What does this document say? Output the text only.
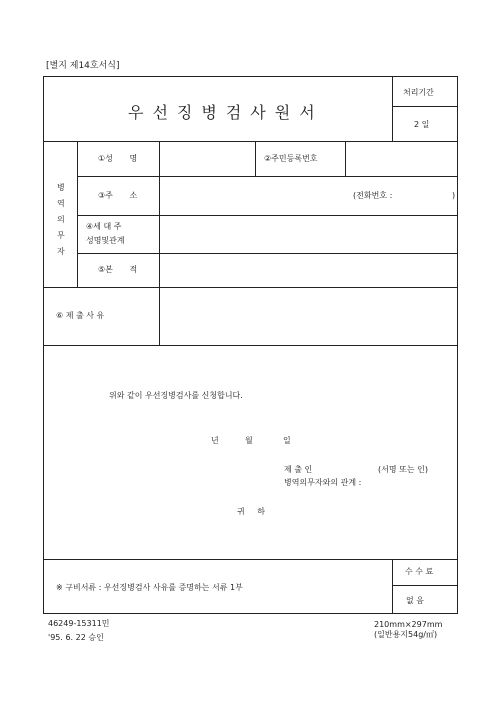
[별지 제14호서식]
우선징병검사원서
처리기간
2 일
병
역
의
무
자
①성 명	②주민등록번호
③주 소	(전화번호 :	)
④세 대 주
성명및관계
⑤본 적
⑥ 제 출 사 유
위와 같이 우선징병검사를 신청합니다.
년	월	일
제 출 인	(서명 또는 인)
병역의무자와의 관계 :
귀 하
※ 구비서류 : 우선징병검사 사유를 증명하는 서류 1부
수 수 료
없 음
46249-15311민
'95. 6. 22 승인
210mm×297mm
(일반용지54g/㎡)
